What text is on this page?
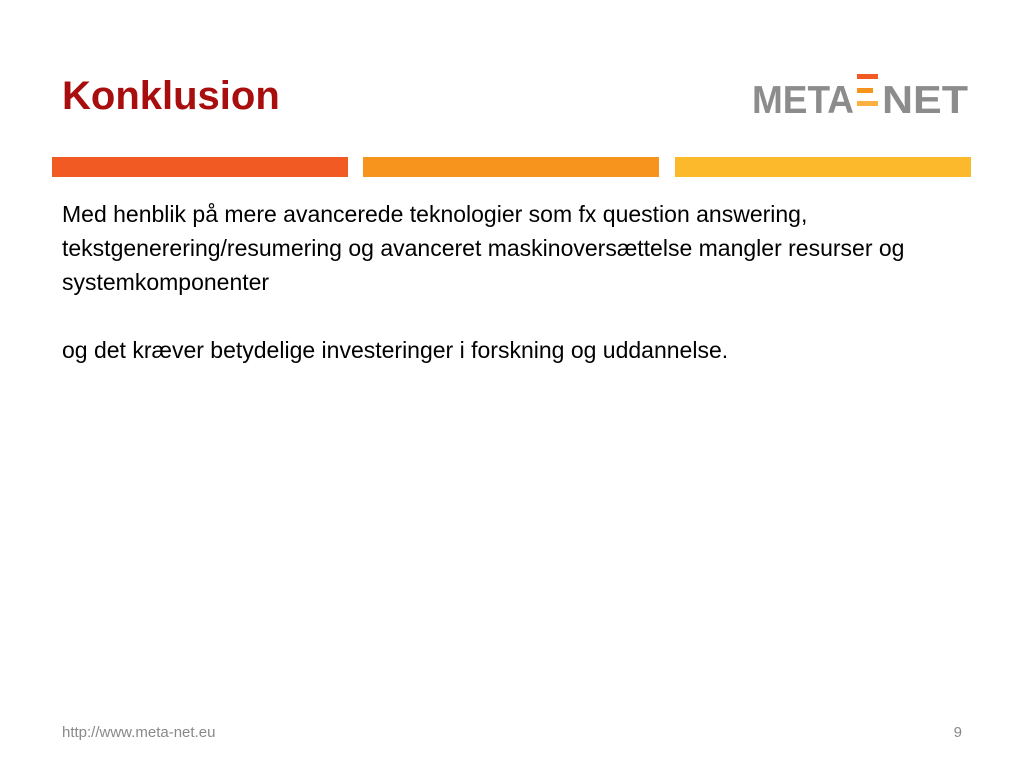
Konklusion	META NET

Med henblik på mere avancerede teknologier som fx question answering, tekstgenerering/resumering og avanceret maskinoversættelse mangler resurser og systemkomponenter

og det kræver betydelige investeringer i forskning og uddannelse.

http://www.meta-net.eu	9
